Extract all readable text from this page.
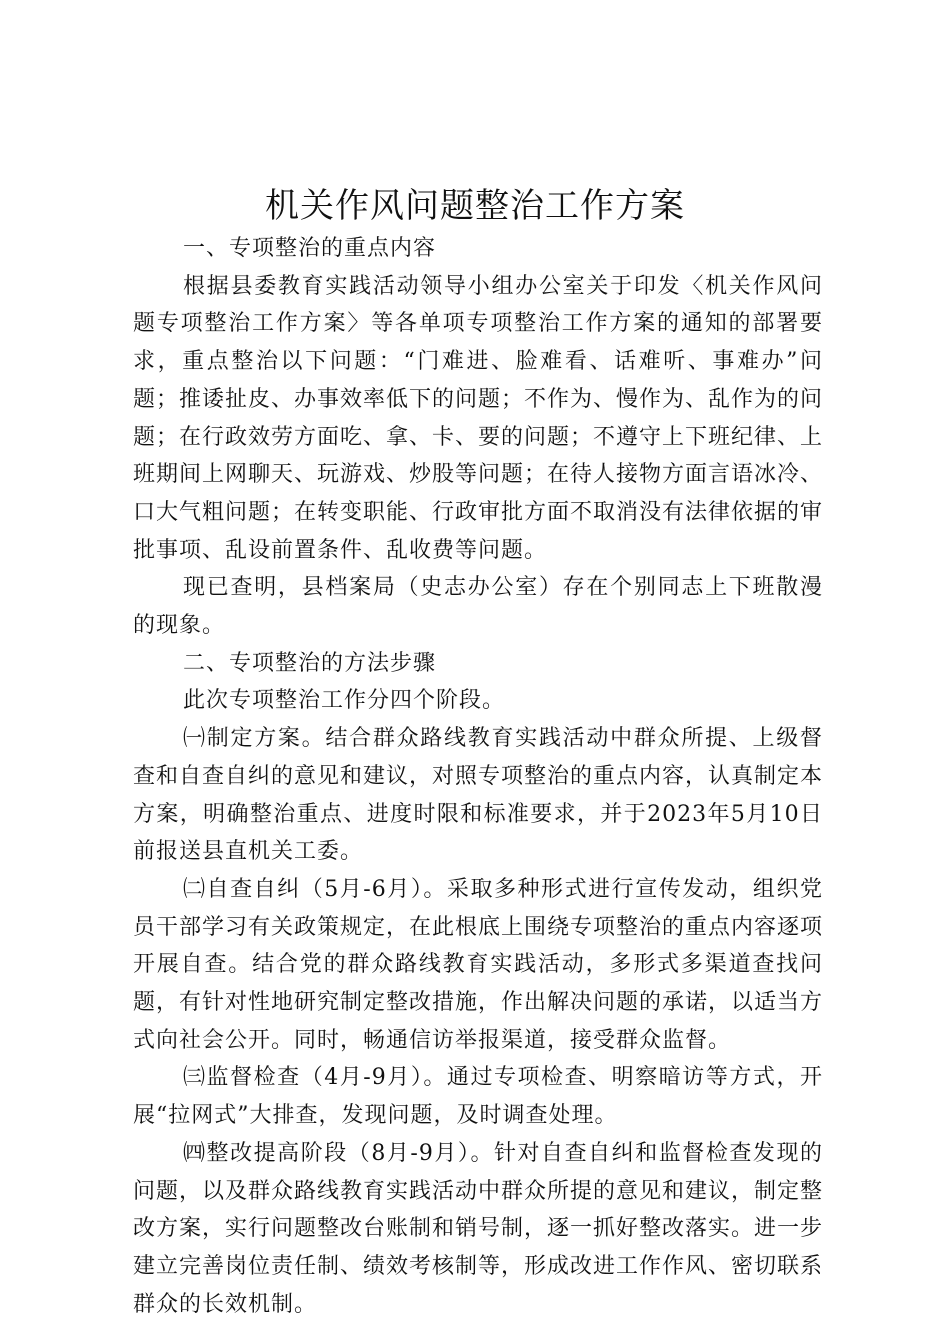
机关作风问题整治工作方案

一、专项整治的重点内容

根据县委教育实践活动领导小组办公室关于印发〈机关作风问题专项整治工作方案〉等各单项专项整治工作方案的通知的部署要求，重点整治以下问题：“门难进、脸难看、话难听、事难办”问题；推诿扯皮、办事效率低下的问题；不作为、慢作为、乱作为的问题；在行政效劳方面吃、拿、卡、要的问题；不遵守上下班纪律、上班期间上网聊天、玩游戏、炒股等问题；在待人接物方面言语冰冷、口大气粗问题；在转变职能、行政审批方面不取消没有法律依据的审批事项、乱设前置条件、乱收费等问题。

现已查明，县档案局（史志办公室）存在个别同志上下班散漫的现象。

二、专项整治的方法步骤

此次专项整治工作分四个阶段。

㈠制定方案。结合群众路线教育实践活动中群众所提、上级督查和自查自纠的意见和建议，对照专项整治的重点内容，认真制定本方案，明确整治重点、进度时限和标准要求，并于2023年5月10日前报送县直机关工委。

㈡自查自纠（5月-6月）。采取多种形式进行宣传发动，组织党员干部学习有关政策规定，在此根底上围绕专项整治的重点内容逐项开展自查。结合党的群众路线教育实践活动，多形式多渠道查找问题，有针对性地研究制定整改措施，作出解决问题的承诺，以适当方式向社会公开。同时，畅通信访举报渠道，接受群众监督。

㈢监督检查（4月-9月）。通过专项检查、明察暗访等方式，开展“拉网式”大排查，发现问题，及时调查处理。

㈣整改提高阶段（8月-9月）。针对自查自纠和监督检查发现的问题，以及群众路线教育实践活动中群众所提的意见和建议，制定整改方案，实行问题整改台账制和销号制，逐一抓好整改落实。进一步建立完善岗位责任制、绩效考核制等，形成改进工作作风、密切联系群众的长效机制。
